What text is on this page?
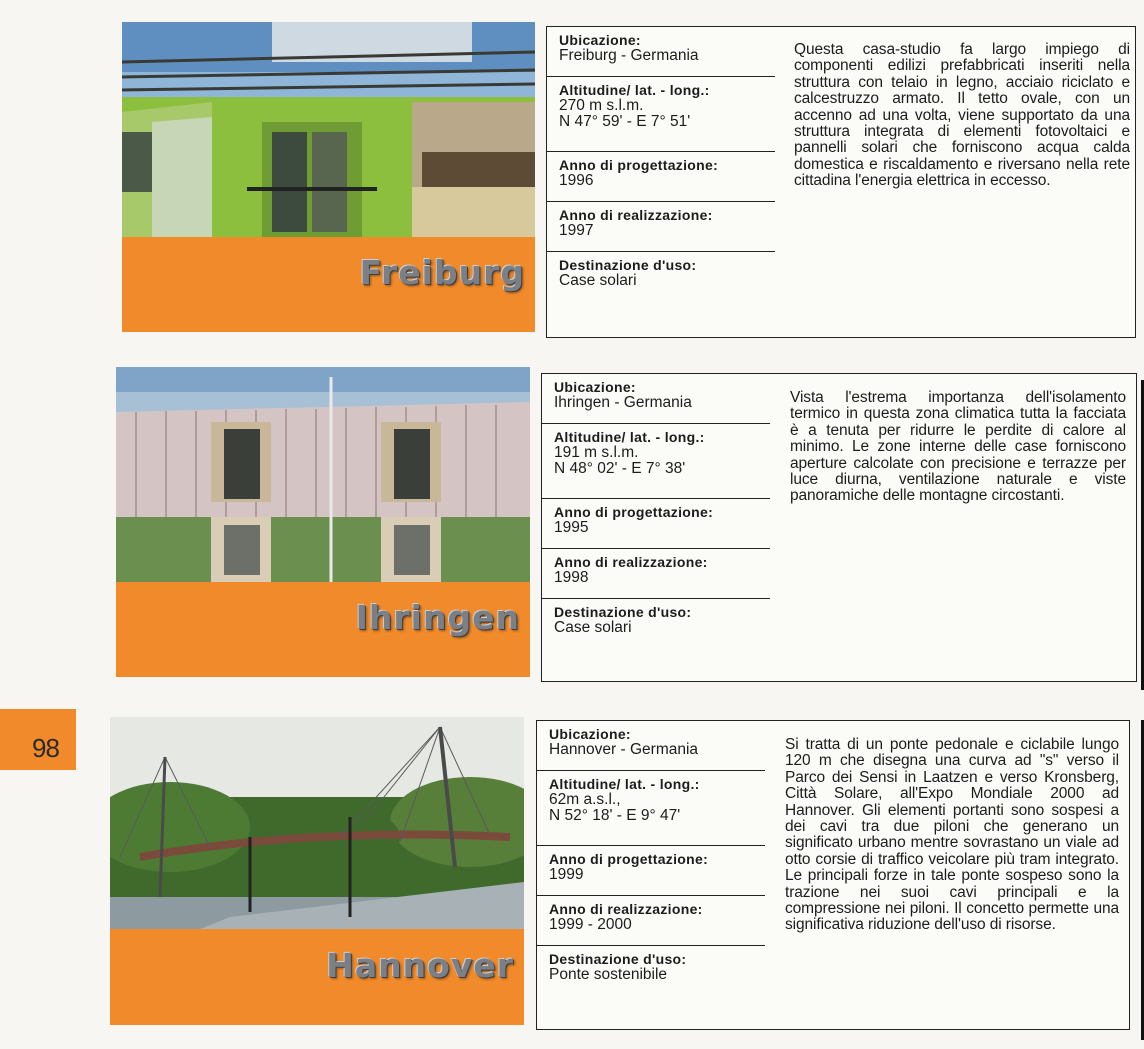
Freiburg
Ubicazione:
Freiburg - Germania
Altitudine/ lat. - long.:
270 m s.l.m.
N 47° 59' - E 7° 51'
Anno di progettazione:
1996
Anno di realizzazione:
1997
Destinazione d'uso:
Case solari
Questa casa-studio fa largo impiego di componenti edilizi prefabbricati inseriti nella struttura con telaio in legno, acciaio riciclato e calcestruzzo armato. Il tetto ovale, con un accenno ad una volta, viene supportato da una struttura integrata di elementi fotovoltaici e pannelli solari che forniscono acqua calda domestica e riscaldamento e riversano nella rete cittadina l'energia elettrica in eccesso.
Ihringen
Ubicazione:
Ihringen - Germania
Altitudine/ lat. - long.:
191 m s.l.m.
N 48° 02' - E 7° 38'
Anno di progettazione:
1995
Anno di realizzazione:
1998
Destinazione d'uso:
Case solari
Vista l'estrema importanza dell'isolamento termico in questa zona climatica tutta la facciata è a tenuta per ridurre le perdite di calore al minimo. Le zone interne delle case forniscono aperture calcolate con precisione e terrazze per luce diurna, ventilazione naturale e viste panoramiche delle montagne circostanti.
Hannover
Ubicazione:
Hannover - Germania
Altitudine/ lat. - long.:
62m a.s.l.,
N 52° 18' - E 9° 47'
Anno di progettazione:
1999
Anno di realizzazione:
1999 - 2000
Destinazione d'uso:
Ponte sostenibile
Si tratta di un ponte pedonale e ciclabile lungo 120 m che disegna una curva ad "s" verso il Parco dei Sensi in Laatzen e verso Kronsberg, Città Solare, all'Expo Mondiale 2000 ad Hannover. Gli elementi portanti sono sospesi a dei cavi tra due piloni che generano un significato urbano mentre sovrastano un viale ad otto corsie di traffico veicolare più tram integrato. Le principali forze in tale ponte sospeso sono la trazione nei suoi cavi principali e la compressione nei piloni. Il concetto permette una significativa riduzione dell'uso di risorse.
98
